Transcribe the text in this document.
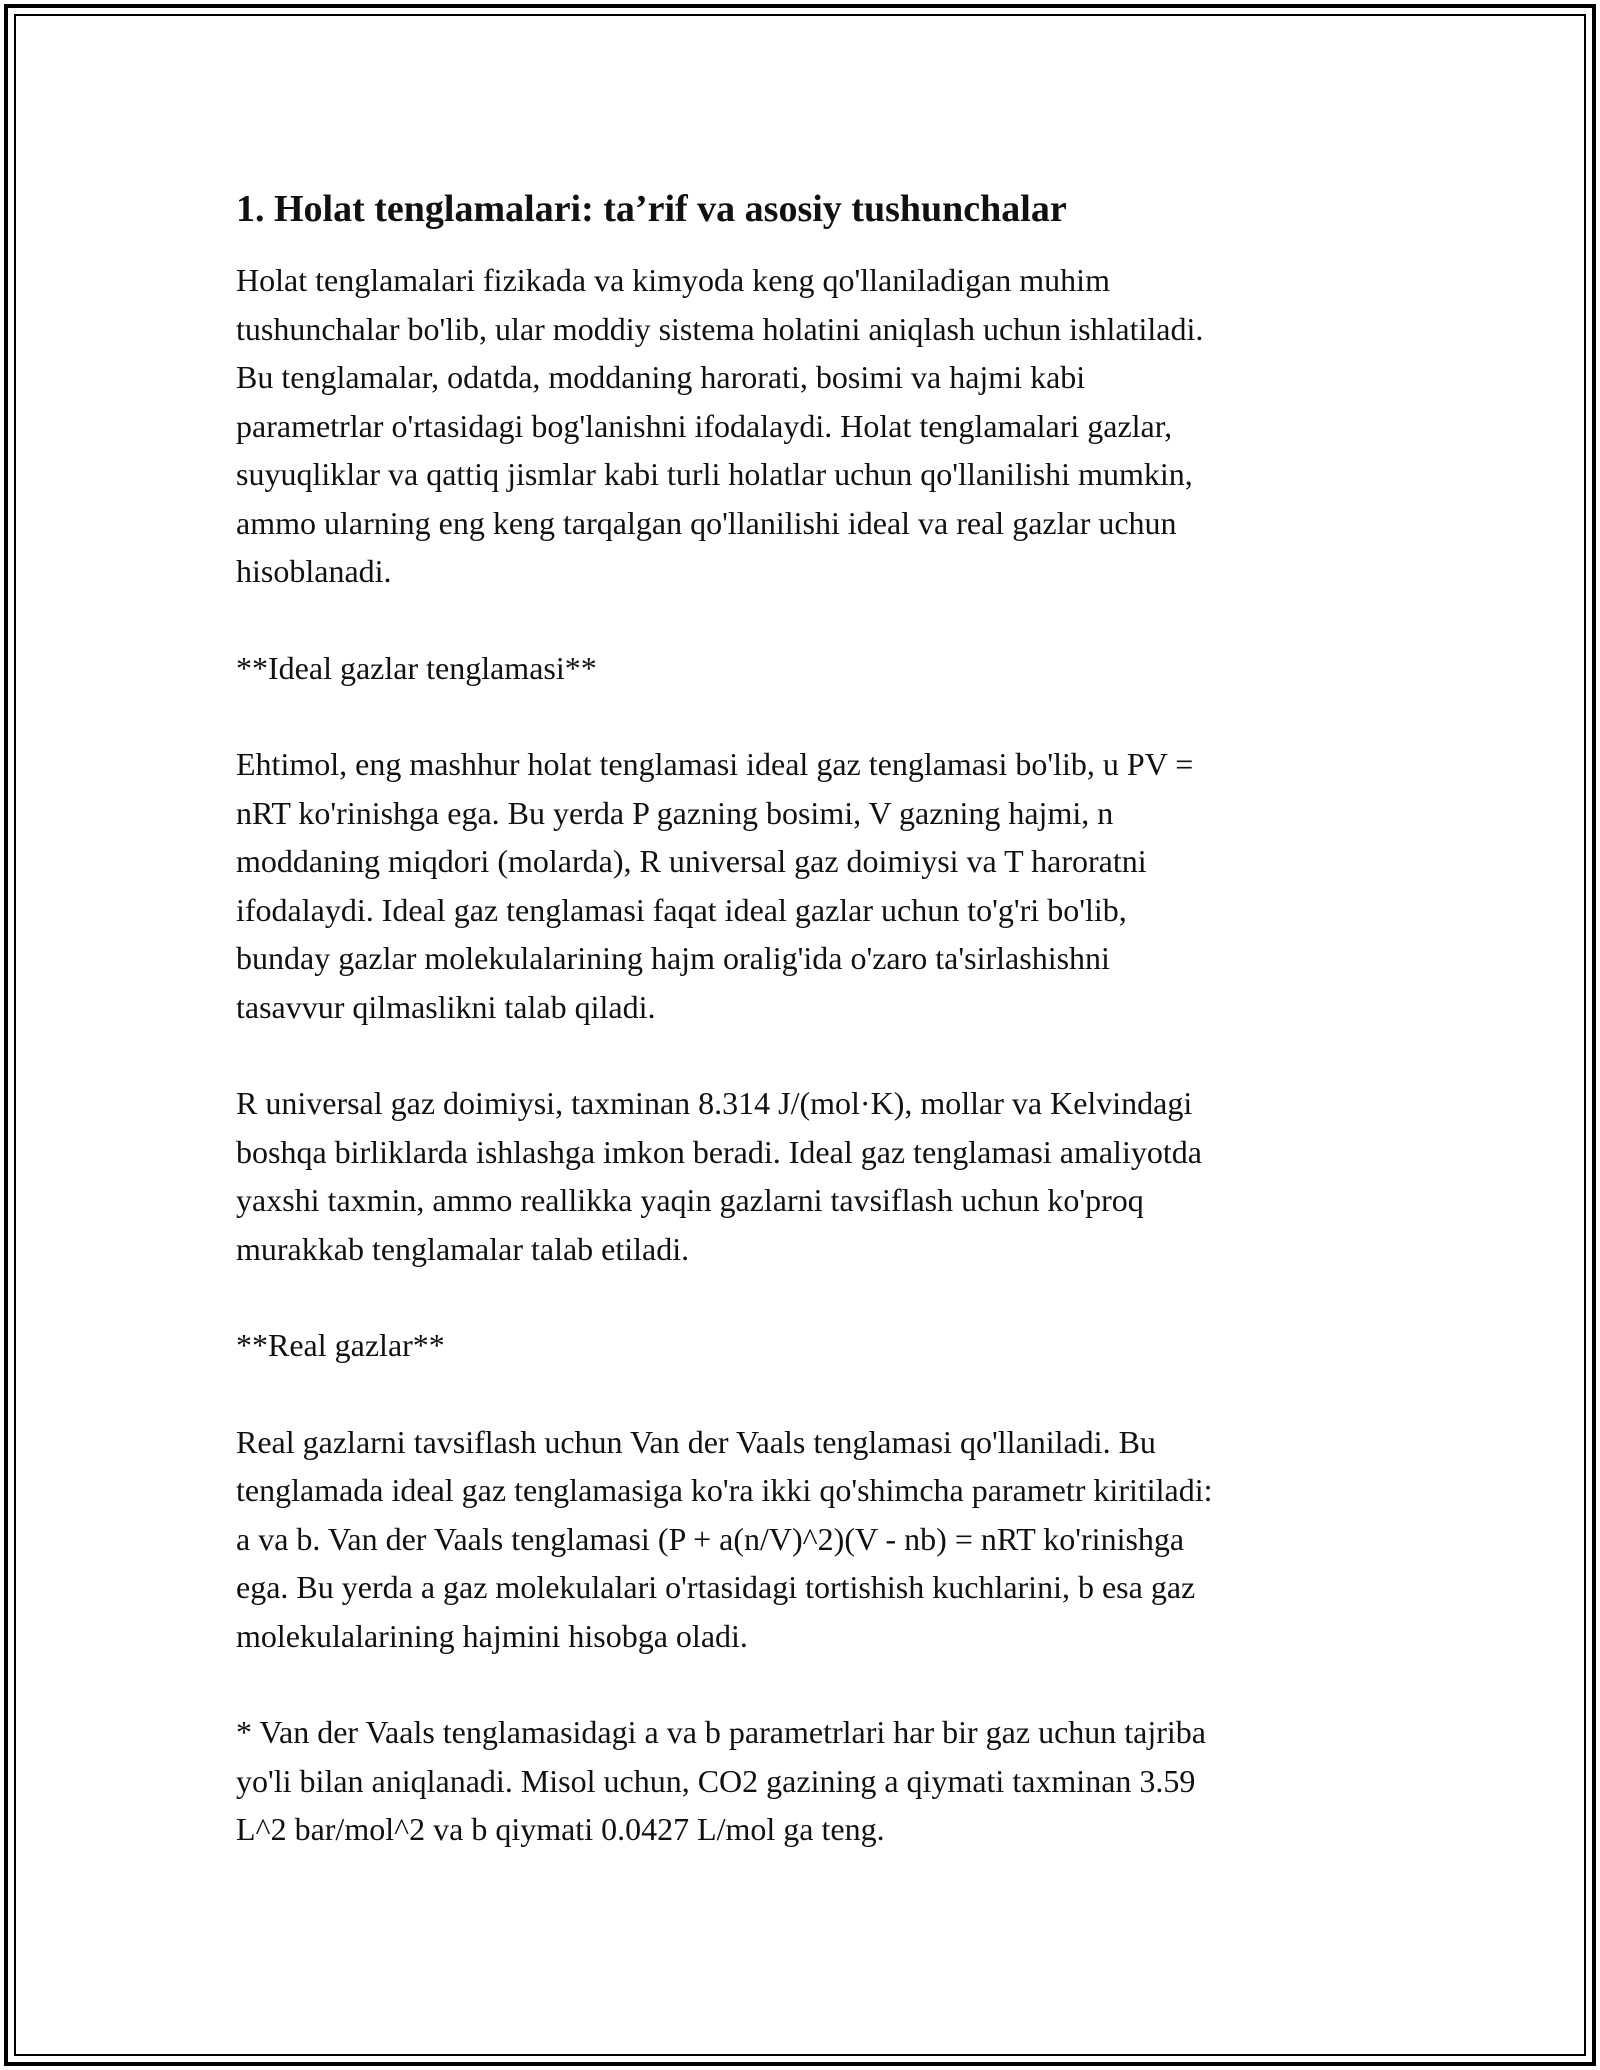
1. Holat tenglamalari: ta’rif va asosiy tushunchalar

Holat tenglamalari fizikada va kimyoda keng qo'llaniladigan muhim
tushunchalar bo'lib, ular moddiy sistema holatini aniqlash uchun ishlatiladi.
Bu tenglamalar, odatda, moddaning harorati, bosimi va hajmi kabi
parametrlar o'rtasidagi bog'lanishni ifodalaydi. Holat tenglamalari gazlar,
suyuqliklar va qattiq jismlar kabi turli holatlar uchun qo'llanilishi mumkin,
ammo ularning eng keng tarqalgan qo'llanilishi ideal va real gazlar uchun
hisoblanadi.

**Ideal gazlar tenglamasi**

Ehtimol, eng mashhur holat tenglamasi ideal gaz tenglamasi bo'lib, u PV =
nRT ko'rinishga ega. Bu yerda P gazning bosimi, V gazning hajmi, n
moddaning miqdori (molarda), R universal gaz doimiysi va T haroratni
ifodalaydi. Ideal gaz tenglamasi faqat ideal gazlar uchun to'g'ri bo'lib,
bunday gazlar molekulalarining hajm oralig'ida o'zaro ta'sirlashishni
tasavvur qilmaslikni talab qiladi.

R universal gaz doimiysi, taxminan 8.314 J/(mol·K), mollar va Kelvindagi
boshqa birliklarda ishlashga imkon beradi. Ideal gaz tenglamasi amaliyotda
yaxshi taxmin, ammo reallikka yaqin gazlarni tavsiflash uchun ko'proq
murakkab tenglamalar talab etiladi.

**Real gazlar**

Real gazlarni tavsiflash uchun Van der Vaals tenglamasi qo'llaniladi. Bu
tenglamada ideal gaz tenglamasiga ko'ra ikki qo'shimcha parametr kiritiladi:
a va b. Van der Vaals tenglamasi (P + a(n/V)^2)(V - nb) = nRT ko'rinishga
ega. Bu yerda a gaz molekulalari o'rtasidagi tortishish kuchlarini, b esa gaz
molekulalarining hajmini hisobga oladi.

* Van der Vaals tenglamasidagi a va b parametrlari har bir gaz uchun tajriba
yo'li bilan aniqlanadi. Misol uchun, CO2 gazining a qiymati taxminan 3.59
L^2 bar/mol^2 va b qiymati 0.0427 L/mol ga teng.
